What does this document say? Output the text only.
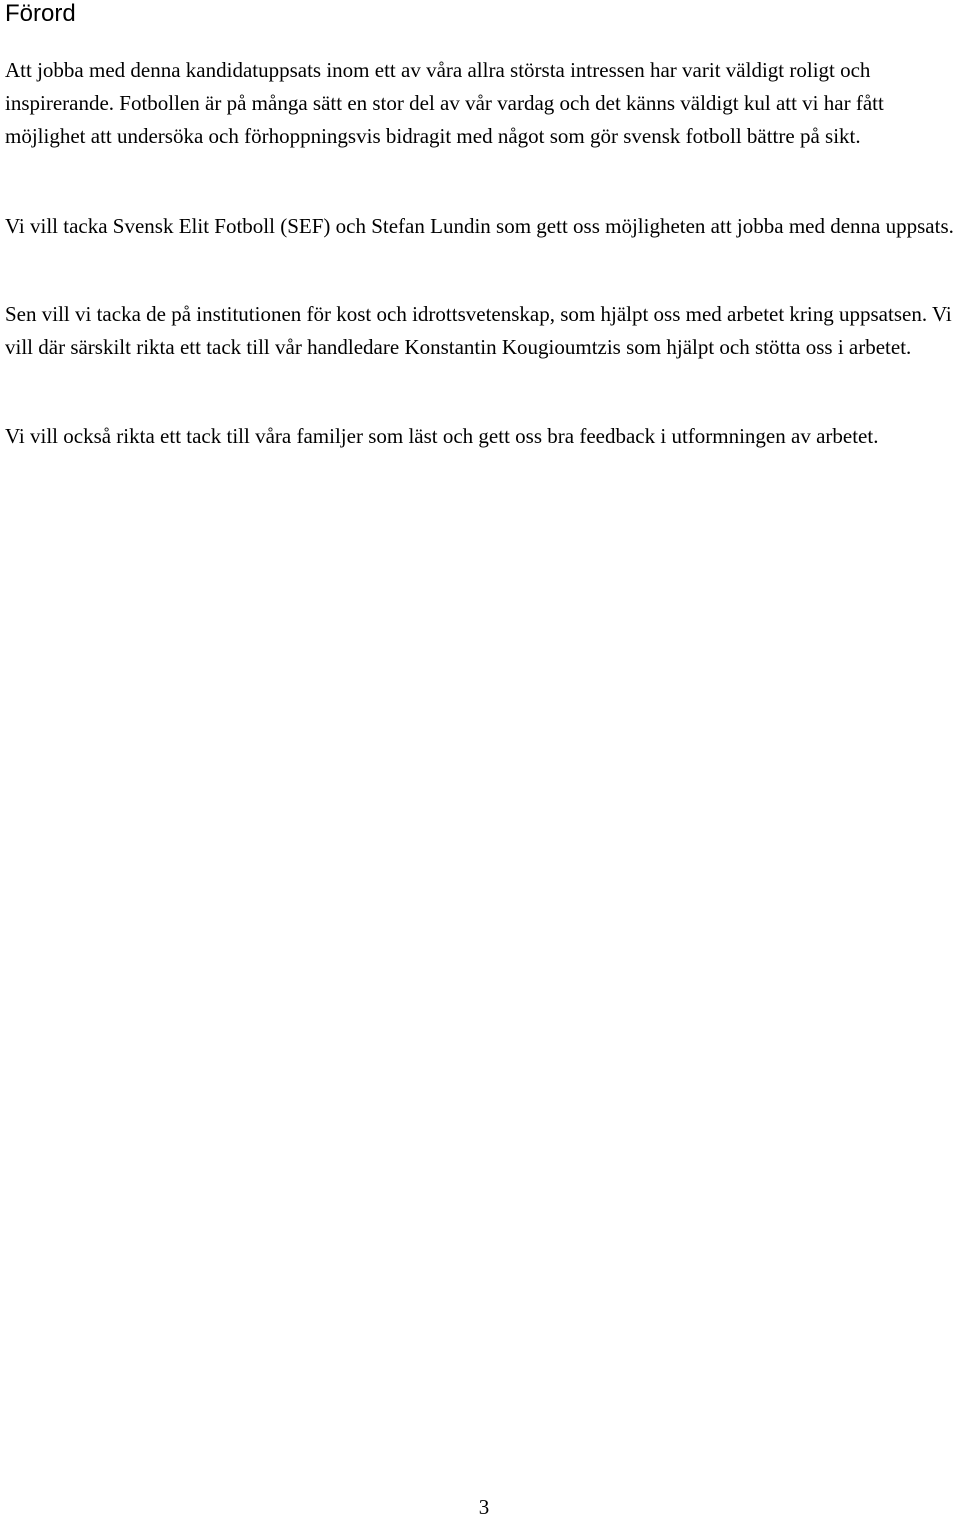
Förord

Att jobba med denna kandidatuppsats inom ett av våra allra största intressen har varit väldigt roligt och inspirerande. Fotbollen är på många sätt en stor del av vår vardag och det känns väldigt kul att vi har fått möjlighet att undersöka och förhoppningsvis bidragit med något som gör svensk fotboll bättre på sikt.

Vi vill tacka Svensk Elit Fotboll (SEF) och Stefan Lundin som gett oss möjligheten att jobba med denna uppsats.

Sen vill vi tacka de på institutionen för kost och idrottsvetenskap, som hjälpt oss med arbetet kring uppsatsen. Vi vill där särskilt rikta ett tack till vår handledare Konstantin Kougioumtzis som hjälpt och stötta oss i arbetet.

Vi vill också rikta ett tack till våra familjer som läst och gett oss bra feedback i utformningen av arbetet.

3
